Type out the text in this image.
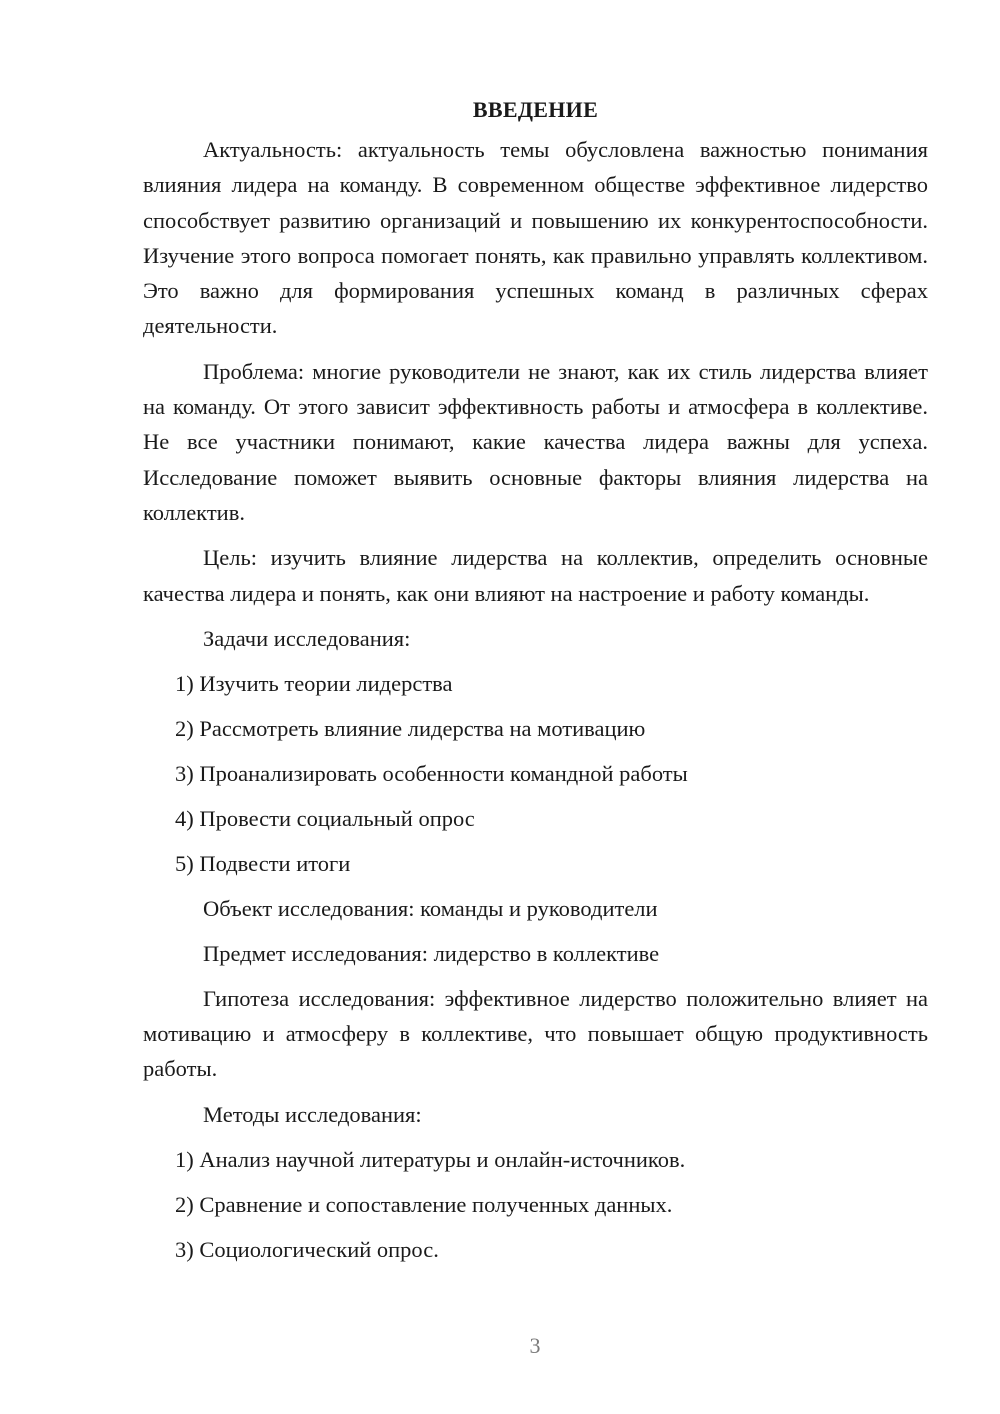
ВВЕДЕНИЕ

Актуальность: актуальность темы обусловлена важностью понимания влияния лидера на команду. В современном обществе эффективное лидерство способствует развитию организаций и повышению их конкурентоспособности. Изучение этого вопроса помогает понять, как правильно управлять коллективом. Это важно для формирования успешных команд в различных сферах деятельности.

Проблема: многие руководители не знают, как их стиль лидерства влияет на команду. От этого зависит эффективность работы и атмосфера в коллективе. Не все участники понимают, какие качества лидера важны для успеха. Исследование поможет выявить основные факторы влияния лидерства на коллектив.

Цель: изучить влияние лидерства на коллектив, определить основные качества лидера и понять, как они влияют на настроение и работу команды.

Задачи исследования:
1) Изучить теории лидерства
2) Рассмотреть влияние лидерства на мотивацию
3) Проанализировать особенности командной работы
4) Провести социальный опрос
5) Подвести итоги
Объект исследования: команды и руководители
Предмет исследования: лидерство в коллективе

Гипотеза исследования: эффективное лидерство положительно влияет на мотивацию и атмосферу в коллективе, что повышает общую продуктивность работы.

Методы исследования:
1) Анализ научной литературы и онлайн-источников.
2) Сравнение и сопоставление полученных данных.
3) Социологический опрос.
3
